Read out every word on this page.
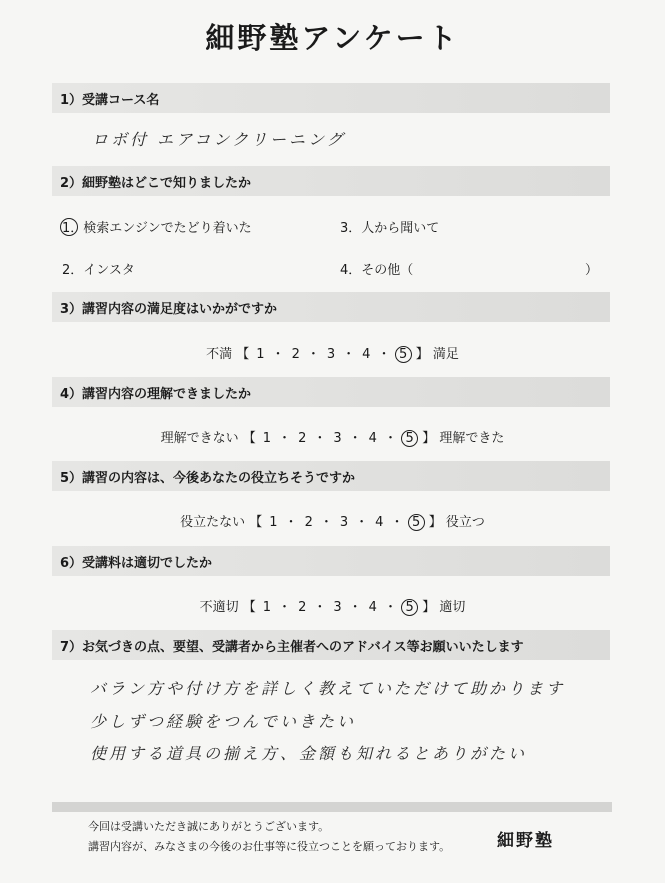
細野塾アンケート
1）受講コース名
ロボ付 エアコンクリーニング
2）細野塾はどこで知りましたか
1．検索エンジンでたどり着いた	3．人から聞いて
2．インスタ	4．その他（	）
3）講習内容の満足度はいかがですか
不満 【 1 ・ 2 ・ 3 ・ 4 ・ 5 】 満足
4）講習内容の理解できましたか
理解できない 【 1 ・ 2 ・ 3 ・ 4 ・ 5 】 理解できた
5）講習の内容は、今後あなたの役立ちそうですか
役立たない 【 1 ・ 2 ・ 3 ・ 4 ・ 5 】 役立つ
6）受講料は適切でしたか
不適切 【 1 ・ 2 ・ 3 ・ 4 ・ 5 】 適切
7）お気づきの点、要望、受講者から主催者へのアドバイス等お願いいたします
バラン方や付け方を詳しく教えていただけて助かります
少しずつ経験をつんでいきたい
使用する道具の揃え方、金額も知れるとありがたい
今回は受講いただき誠にありがとうございます。
講習内容が、みなさまの今後のお仕事等に役立つことを願っております。	細野塾
